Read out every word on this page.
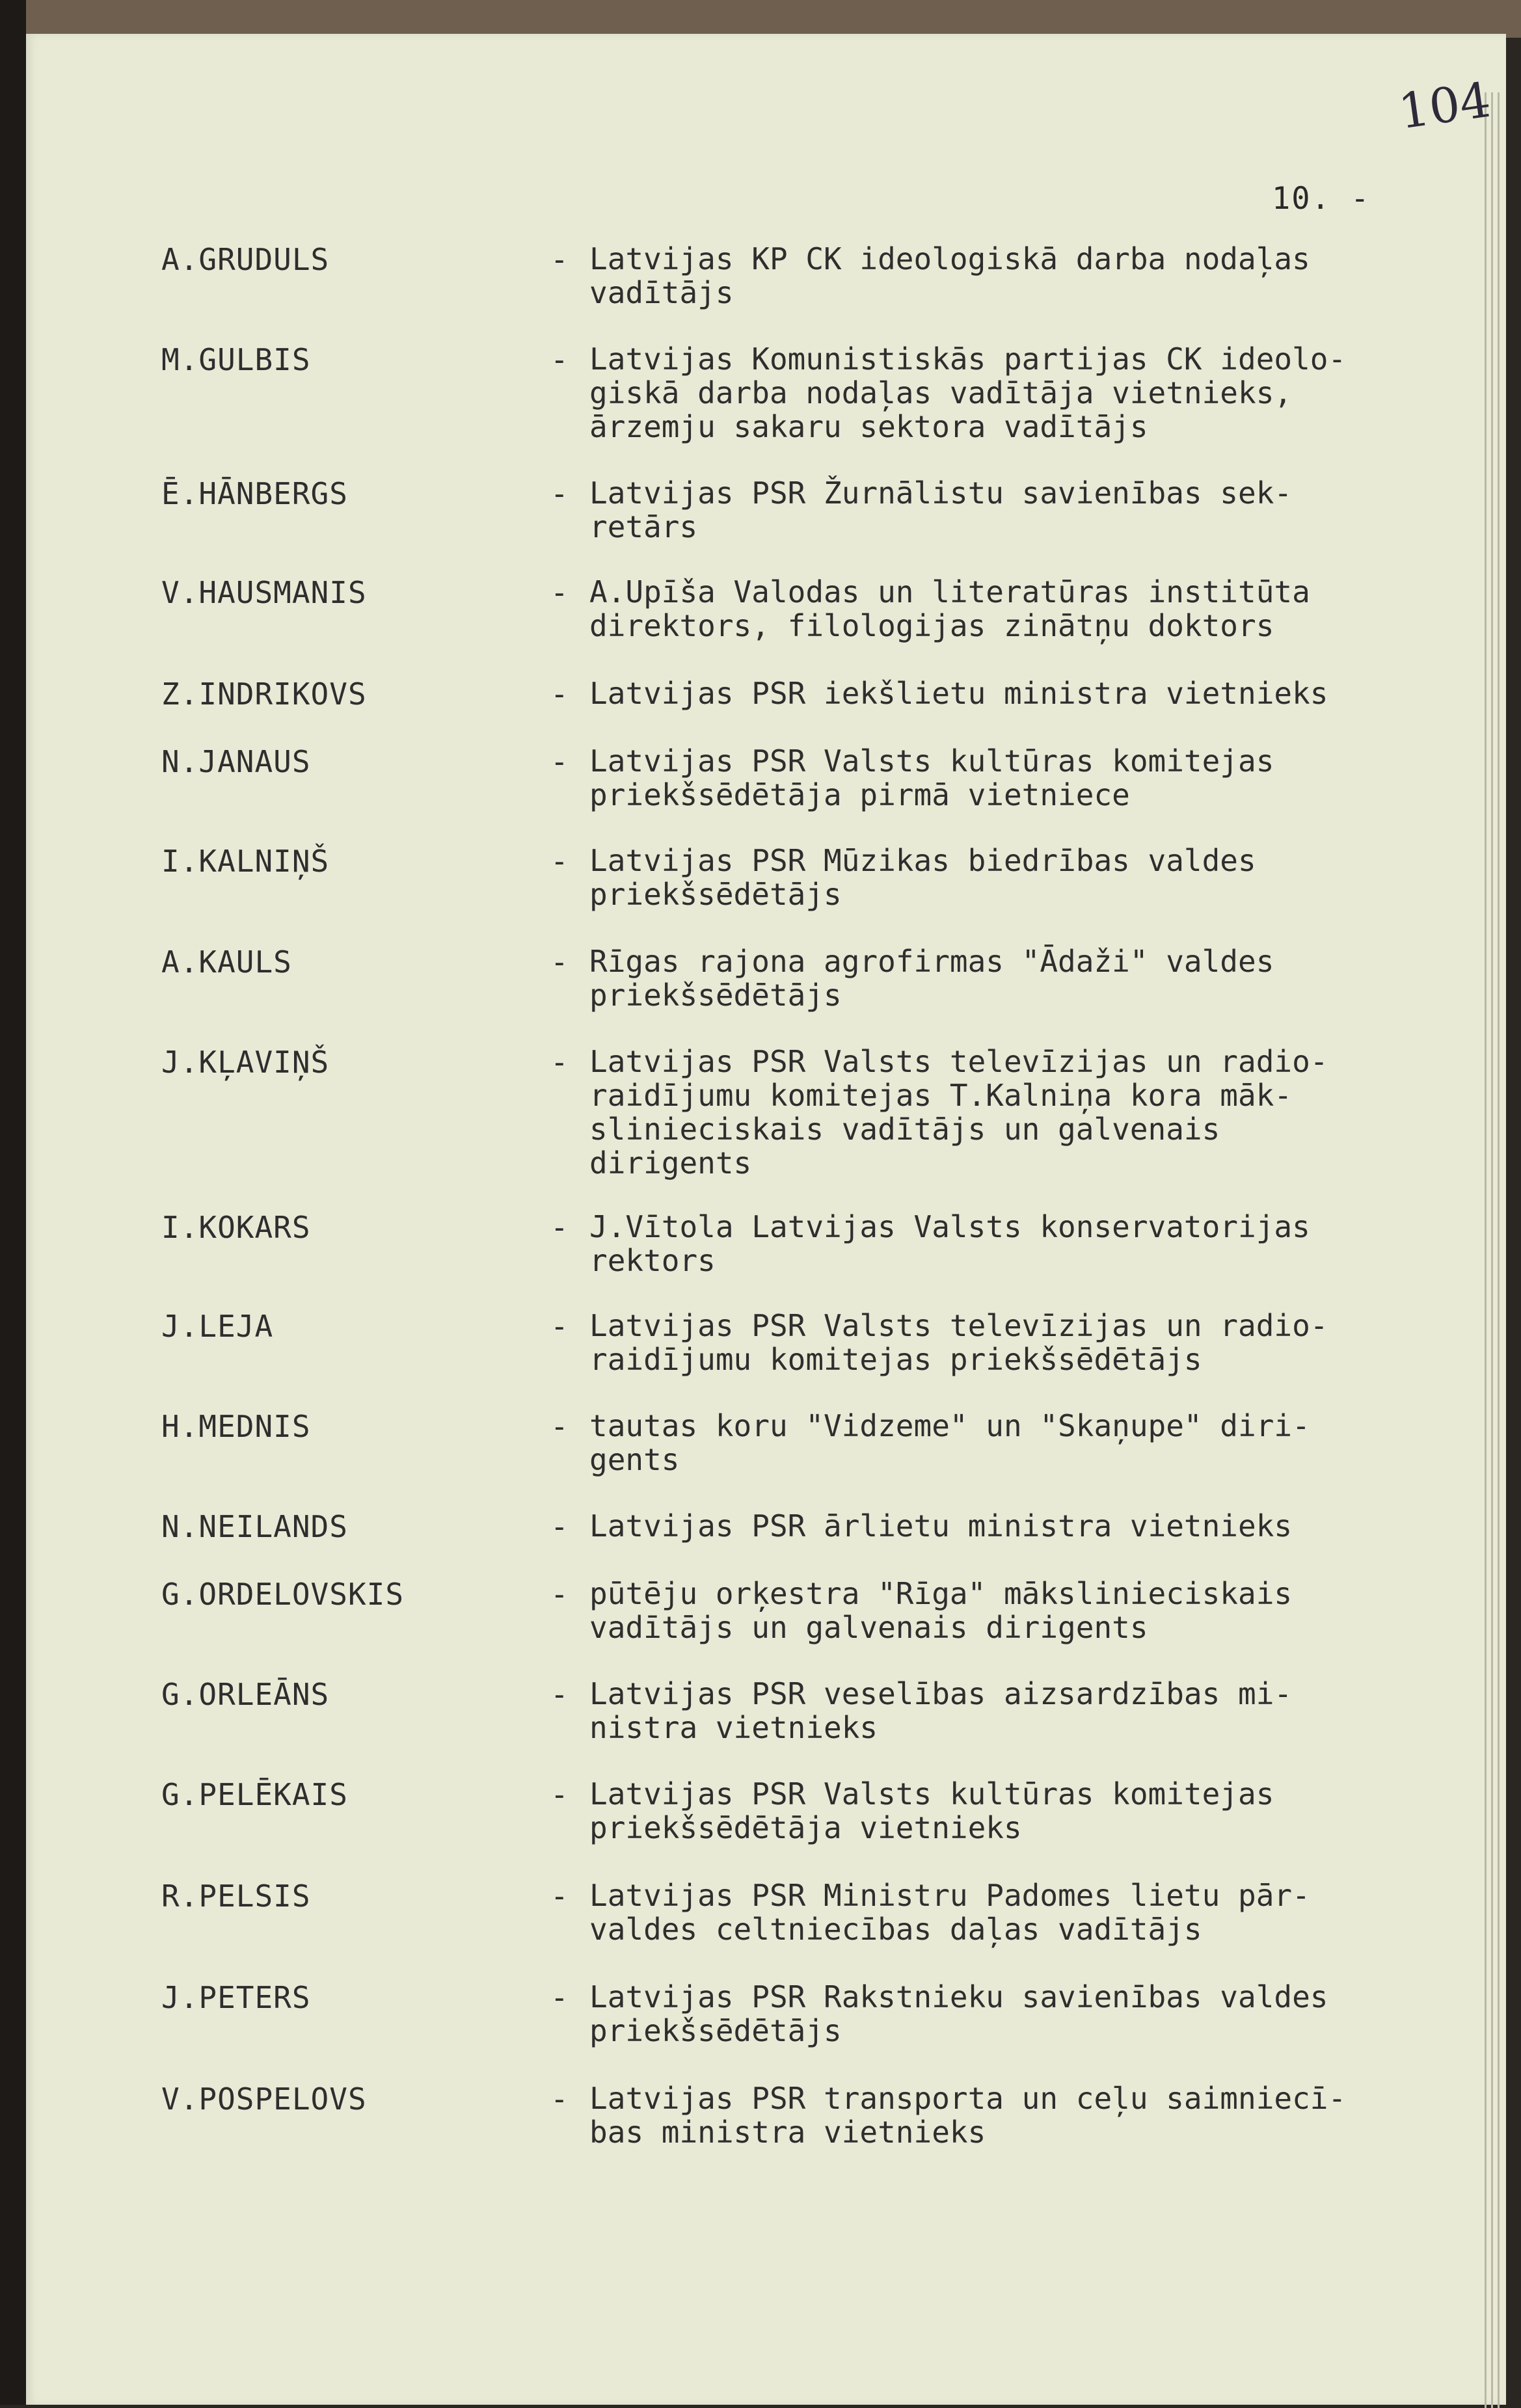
104
10. -
A.GRUDULS	- Latvijas KP CK ideologiskā darba nodaļas
vadītājs
M.GULBIS	- Latvijas Komunistiskās partijas CK ideolo-
giskā darba nodaļas vadītāja vietnieks,
ārzemju sakaru sektora vadītājs
Ē.HĀNBERGS	- Latvijas PSR Žurnālistu savienības sek-
retārs
V.HAUSMANIS	- A.Upīša Valodas un literatūras institūta
direktors, filologijas zinātņu doktors
Z.INDRIKOVS	- Latvijas PSR iekšlietu ministra vietnieks
N.JANAUS	- Latvijas PSR Valsts kultūras komitejas
priekšsēdētāja pirmā vietniece
I.KALNIŅŠ	- Latvijas PSR Mūzikas biedrības valdes
priekšsēdētājs
A.KAULS	- Rīgas rajona agrofirmas "Ādaži" valdes
priekšsēdētājs
J.KĻAVIŅŠ	- Latvijas PSR Valsts televīzijas un radio-
raidījumu komitejas T.Kalniņa kora māk-
slinieciskais vadītājs un galvenais
dirigents
I.KOKARS	- J.Vītola Latvijas Valsts konservatorijas
rektors
J.LEJA	- Latvijas PSR Valsts televīzijas un radio-
raidījumu komitejas priekšsēdētājs
H.MEDNIS	- tautas koru "Vidzeme" un "Skaņupe" diri-
gents
N.NEILANDS	- Latvijas PSR ārlietu ministra vietnieks
G.ORDELOVSKIS	- pūtēju orķestra "Rīga" mākslinieciskais
vadītājs un galvenais dirigents
G.ORLEĀNS	- Latvijas PSR veselības aizsardzības mi-
nistra vietnieks
G.PELĒKAIS	- Latvijas PSR Valsts kultūras komitejas
priekšsēdētāja vietnieks
R.PELSIS	- Latvijas PSR Ministru Padomes lietu pār-
valdes celtniecības daļas vadītājs
J.PETERS	- Latvijas PSR Rakstnieku savienības valdes
priekšsēdētājs
V.POSPELOVS	- Latvijas PSR transporta un ceļu saimniecī-
bas ministra vietnieks
